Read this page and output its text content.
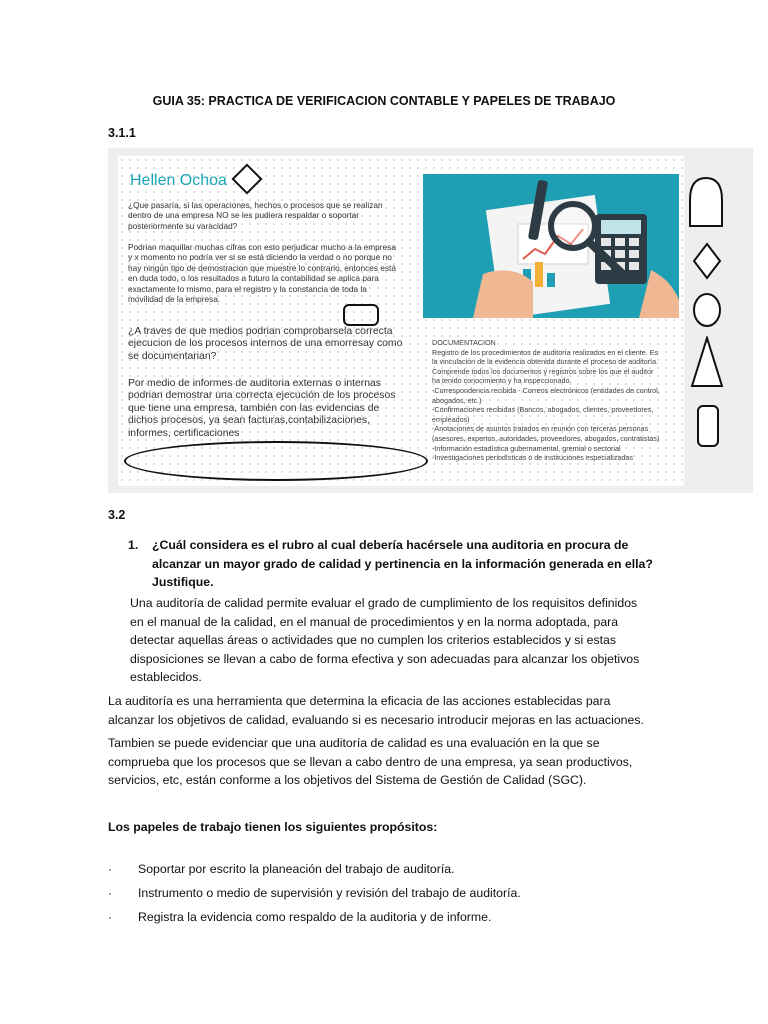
GUIA 35: PRACTICA DE VERIFICACION CONTABLE Y PAPELES DE TRABAJO
3.1.1
Hellen Ochoa
¿Que pasaría, si las operaciones, hechos o procesos que se realizan
dentro de una empresa NO se les pudiera respaldar o soportar
posteriormente su varacidad?
Podrian maquillar muchas cifras con esto perjudicar mucho a la empresa
y x momento no podría ver si se está diciendo la verdad o no porque no
hay ningún tipo de demostracion que muestre lo contrario, entonces está
en duda todo, o los resultados a futuro la contabilidad se aplica para
exactamente lo mismo, para el registro y la constancia de toda la
movilidad de la empresa.
¿A traves de que medios podrian comprobarsela correcta
ejecucion de los procesos internos de una emorresay como
se documentarian?
Por medio de informes de auditoria externas o internas
podrian demostrar una correcta ejecución de los procesos
que tiene una empresa, también con las evidencias de
dichos procesos, ya sean facturas,contabilizaciones,
informes, certificaciones
DOCUMENTACION
Registro de los procedimientos de auditoría realizados en el cliente. Es
la vinculación de la evidencia obtenida durante el proceso de auditoría.
Comprende todos los documentos y registros sobre los que el auditor
ha tenido conocimiento y ha inspeccionado.
-Correspondencia recibida - Correos electrónicos (entidades de control,
abogados, etc.)
-Confirmaciones recibidas (Bancos, abogados, clientes, proveedores,
empleados)
-Anotaciones de asuntos tratados en reunión con terceras personas
(asesores, expertos, autoridades, proveedores, abogados, contratistas)
-Información estadística gubernamental, gremial o sectorial
-Investigaciones periodísticas o de instituciones especializadas
3.2
1. ¿Cuál considera es el rubro al cual debería hacérsele una auditoria en procura de
alcanzar un mayor grado de calidad y pertinencia en la información generada en ella?
Justifique.
Una auditoría de calidad permite evaluar el grado de cumplimiento de los requisitos definidos
en el manual de la calidad, en el manual de procedimientos y en la norma adoptada, para
detectar aquellas áreas o actividades que no cumplen los criterios establecidos y si estas
disposiciones se llevan a cabo de forma efectiva y son adecuadas para alcanzar los objetivos
establecidos.
La auditoría es una herramienta que determina la eficacia de las acciones establecidas para
alcanzar los objetivos de calidad, evaluando si es necesario introducir mejoras en las actuaciones.
Tambien se puede evidenciar que una auditoría de calidad es una evaluación en la que se
comprueba que los procesos que se llevan a cabo dentro de una empresa, ya sean productivos,
servicios, etc, están conforme a los objetivos del Sistema de Gestión de Calidad (SGC).
Los papeles de trabajo tienen los siguientes propósitos:
· Soportar por escrito la planeación del trabajo de auditoría.
· Instrumento o medio de supervisión y revisión del trabajo de auditoría.
· Registra la evidencia como respaldo de la auditoria y de informe.
